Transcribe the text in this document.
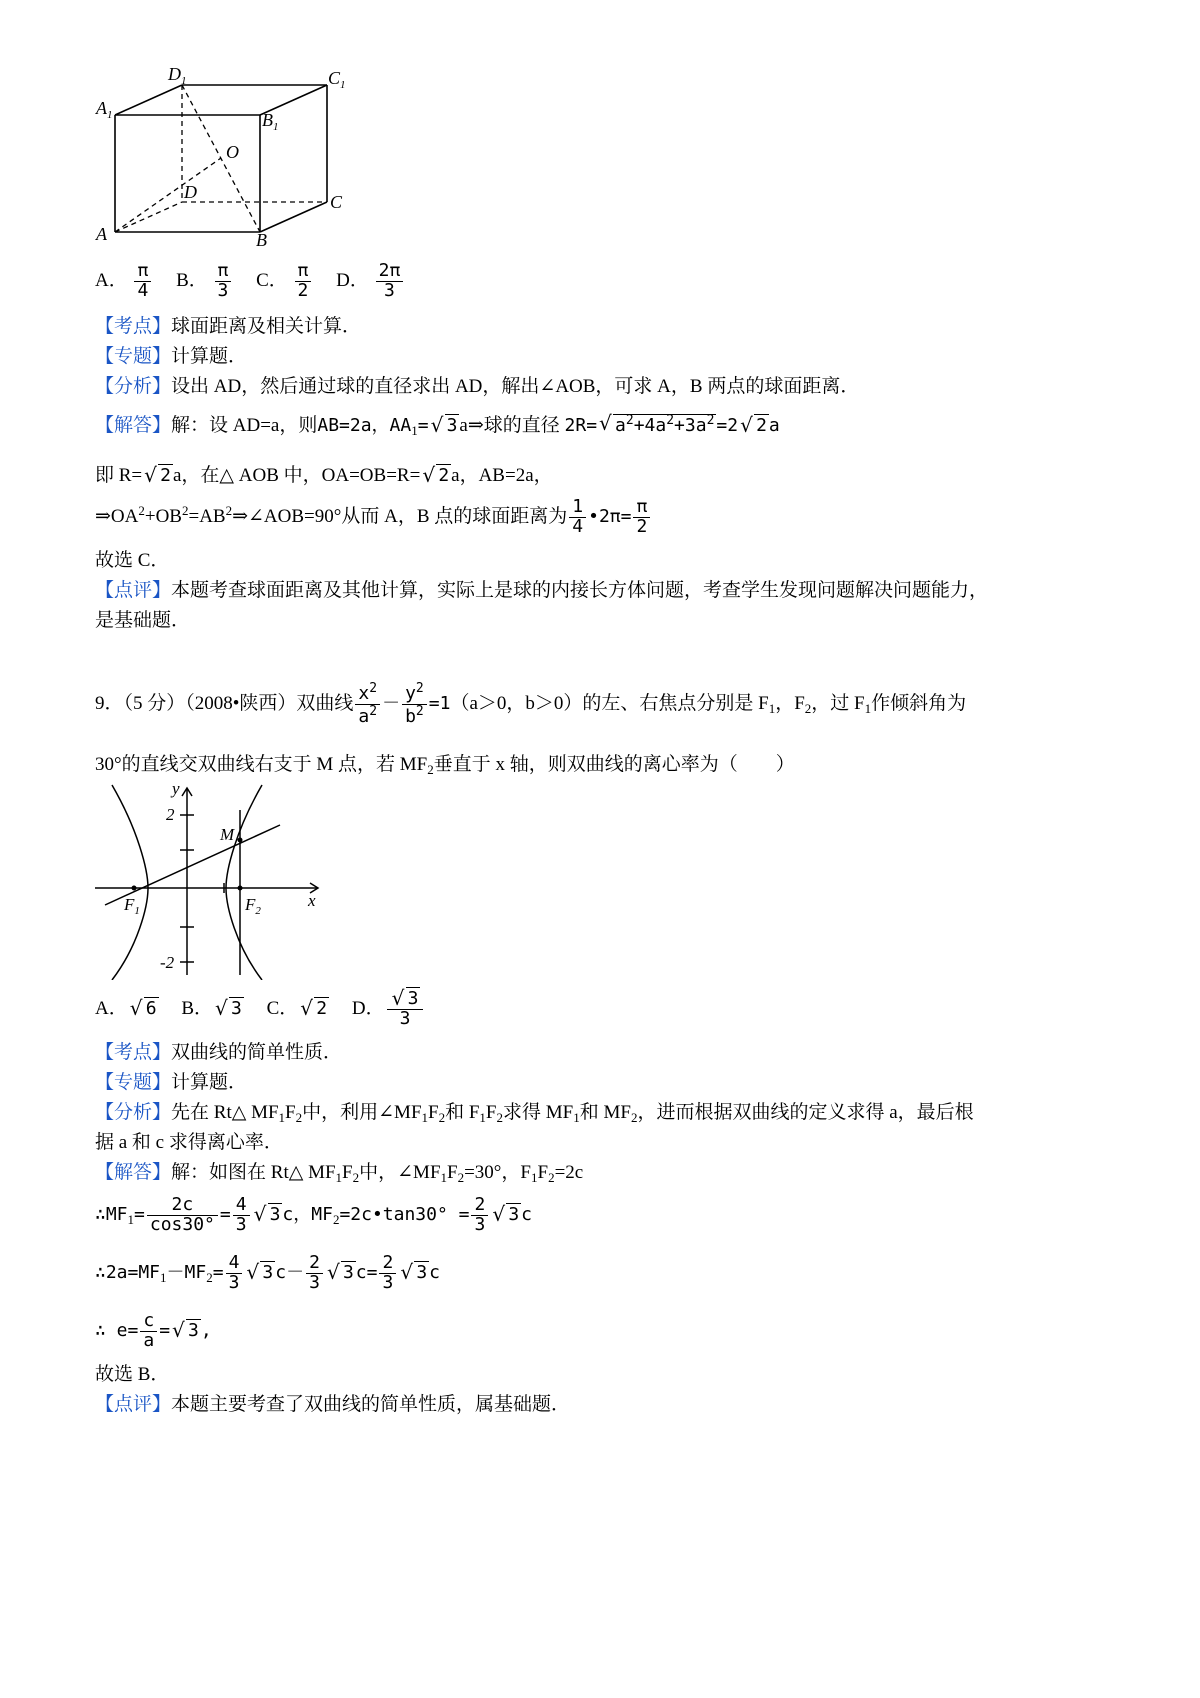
$D_1$	$C_1$
$A_1$	$B_1$
O
D	C
A	B
A． $\frac{\pi}{4}$ B． $\frac{\pi}{3}$ C． $\frac{\pi}{2}$ D． $\frac{2\pi}{3}$
【考点】球面距离及相关计算．
【专题】计算题．
【分析】设出 AD，然后通过球的直径求出 AD，解出∠AOB，可求 A，B 两点的球面距离．
【解答】解：设 AD=a，则AB=2a，$AA_1=$ √ 3 a⇒球的直径 2R= √ $a^2+4a^2+3a^2 =2$ √ 2 a
即 R= √ 2 a，在△ AOB 中，OA=OB=R= √ 2 a，AB=2a，
$\Rightarrow OA^2+OB^2=AB^2\Rightarrow\angle AOB=90^\circ$从而 A，B 点的球面距离为 $\frac{1}{4}$ •2π= $\frac{\pi}{2}$
故选 C．
【点评】本题考查球面距离及其他计算，实际上是球的内接长方体问题，考查学生发现问题解决问题能力，
是基础题．
9．（5 分）（2008•陕西）双曲线 $\frac{x^2}{a^2} - \frac{y^2}{b^2} =1(a>0$，b＞0）的左、右焦点分别是 $F_1$，$F_2$，过 $F_1$作倾斜角为
30°的直线交双曲线右支于 M 点，若 $MF_2$垂直于 x 轴，则双曲线的离心率为（　　）
y
x
2
-2
M
$F_1$	$F_2$
A． √ 6 B． √ 3 C． √ 2 D． $\frac{√ 3}{3}$
【考点】双曲线的简单性质．
【专题】计算题．
【分析】先在 Rt△ $MF_1F_2$中，利用$\angle MF_1F_2$和 $F_1F_2$求得 $MF_1$和 $MF_2$，进而根据双曲线的定义求得 a，最后根
据 a 和 c 求得离心率．
【解答】解：如图在 Rt△ $MF_1F_2$中，$\angle MF_1F_2=30^\circ$，$F_1F_2=2c$
$\therefore MF_1= \frac{2c}{\cos 30^\circ} = \frac{4}{3}$ √ 3 c，$MF_2=2c•\tan 30^\circ = \frac{2}{3}$ √ 3 c
$\therefore 2a=MF_1-MF_2= \frac{4}{3}$ √ 3 $c- \frac{2}{3}$ √ 3 $c= \frac{2}{3}$ √ 3 c
∴ $e= \frac{c}{a}$ = √ 3 ,
故选 B．
【点评】本题主要考查了双曲线的简单性质，属基础题．
